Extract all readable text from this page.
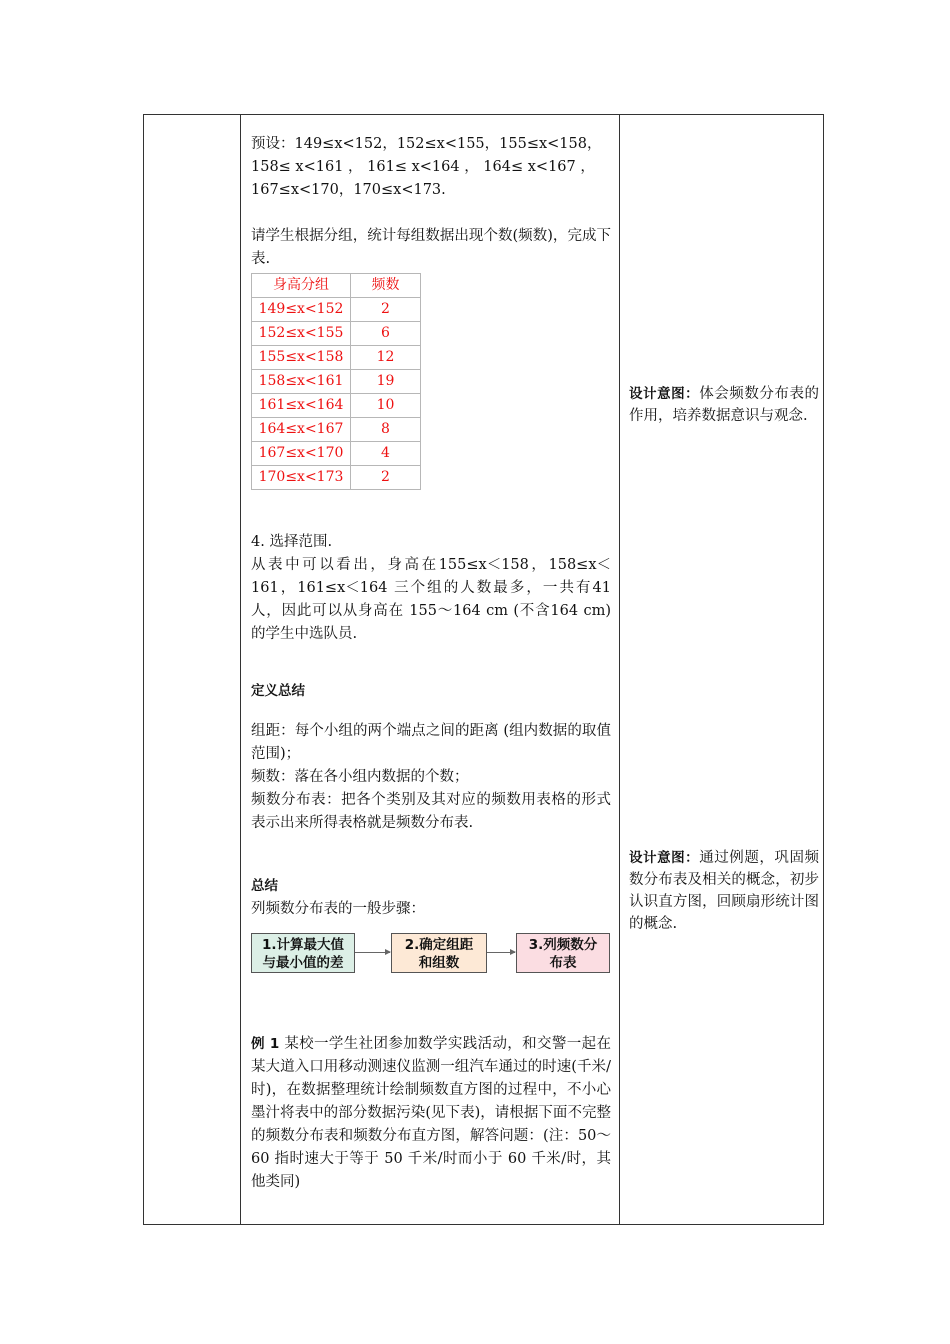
预设：149≤x<152，152≤x<155，155≤x<158，

158≤ x<161 ， 161≤ x<164 ， 164≤ x<167 ，

167≤x<170，170≤x<173.

请学生根据分组，统计每组数据出现个数(频数)，完成下表.

身高分组	频数
149≤x<152	2
152≤x<155	6
155≤x<158	12
158≤x<161	19
161≤x<164	10
164≤x<167	8
167≤x<170	4
170≤x<173	2

4. 选择范围.

从表中可以看出，身高在155≤x＜158，158≤x＜161，161≤x＜164 三个组的人数最多，一共有41 人，因此可以从身高在 155～164 cm (不含164 cm) 的学生中选队员.

定义总结

组距：每个小组的两个端点之间的距离 (组内数据的取值范围)；

频数：落在各小组内数据的个数；

频数分布表：把各个类别及其对应的频数用表格的形式表示出来所得表格就是频数分布表.

总结

列频数分布表的一般步骤：

1.计算最大值
与最小值的差
2.确定组距
和组数
3.列频数分
布表

例 1 某校一学生社团参加数学实践活动，和交警一起在某大道入口用移动测速仪监测一组汽车通过的时速(千米/时)，在数据整理统计绘制频数直方图的过程中，不小心墨汁将表中的部分数据污染(见下表)，请根据下面不完整的频数分布表和频数分布直方图，解答问题：(注：50～60 指时速大于等于 50 千米/时而小于 60 千米/时，其他类同)

设计意图：体会频数分布表的作用，培养数据意识与观念.
设计意图：通过例题，巩固频数分布表及相关的概念，初步认识直方图，回顾扇形统计图的概念.
